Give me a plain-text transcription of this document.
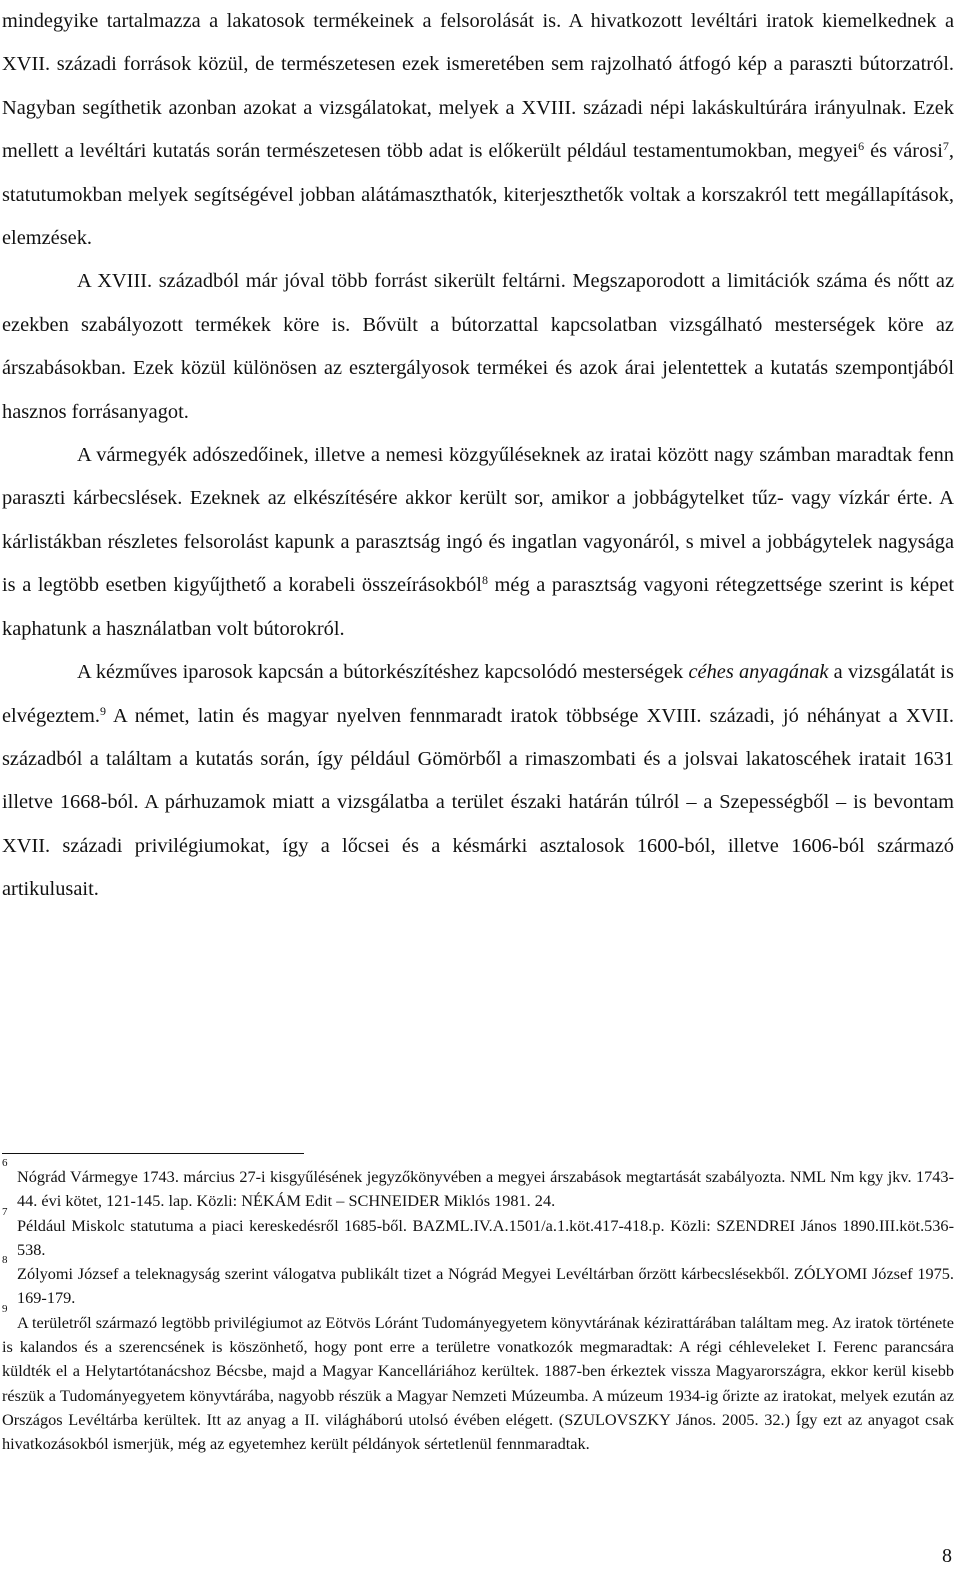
mindegyike tartalmazza a lakatosok termékeinek a felsorolását is. A hivatkozott levéltári iratok kiemelkednek a XVII. századi források közül, de természetesen ezek ismeretében sem rajzolható átfogó kép a paraszti bútorzatról. Nagyban segíthetik azonban azokat a vizsgálatokat, melyek a XVIII. századi népi lakáskultúrára irányulnak. Ezek mellett a levéltári kutatás során természetesen több adat is előkerült például testamentumokban, megyei$^6$ és városi$^7$, statutumokban melyek segítségével jobban alátámaszthatók, kiterjeszthetők voltak a korszakról tett megállapítások, elemzések.

A XVIII. századból már jóval több forrást sikerült feltárni. Megszaporodott a limitációk száma és nőtt az ezekben szabályozott termékek köre is. Bővült a bútorzattal kapcsolatban vizsgálható mesterségek köre az árszabásokban. Ezek közül különösen az esztergályosok termékei és azok árai jelentettek a kutatás szempontjából hasznos forrásanyagot.

A vármegyék adószedőinek, illetve a nemesi közgyűléseknek az iratai között nagy számban maradtak fenn paraszti kárbecslések. Ezeknek az elkészítésére akkor került sor, amikor a jobbágytelket tűz- vagy vízkár érte. A kárlistákban részletes felsorolást kapunk a parasztság ingó és ingatlan vagyonáról, s mivel a jobbágytelek nagysága is a legtöbb esetben kigyűjthető a korabeli összeírásokból$^8$ még a parasztság vagyoni rétegzettsége szerint is képet kaphatunk a használatban volt bútorokról.

A kézműves iparosok kapcsán a bútorkészítéshez kapcsolódó mesterségek céhes anyagának a vizsgálatát is elvégeztem.$^9$ A német, latin és magyar nyelven fennmaradt iratok többsége XVIII. századi, jó néhányat a XVII. századból a találtam a kutatás során, így például Gömörből a rimaszombati és a jolsvai lakatoscéhek iratait 1631 illetve 1668-ból. A párhuzamok miatt a vizsgálatba a terület északi határán túlról – a Szepességből – is bevontam XVII. századi privilégiumokat, így a lőcsei és a késmárki asztalosok 1600-ból, illetve 1606-ból származó artikulusait.

6
Nógrád Vármegye 1743. március 27-i kisgyűlésének jegyzőkönyvében a megyei árszabások megtartását szabályozta. NML Nm kgy jkv. 1743-44. évi kötet, 121-145. lap. Közli: NÉKÁM Edit – SCHNEIDER Miklós 1981. 24.

7
Például Miskolc statutuma a piaci kereskedésről 1685-ből. BAZML.IV.A.1501/a.1.köt.417-418.p. Közli: SZENDREI János 1890.III.köt.536-538.

8
Zólyomi József a teleknagyság szerint válogatva publikált tizet a Nógrád Megyei Levéltárban őrzött kárbecslésekből. ZÓLYOMI József 1975. 169-179.

9
A területről származó legtöbb privilégiumot az Eötvös Lóránt Tudományegyetem könyvtárának kézirattárában találtam meg. Az iratok története is kalandos és a szerencsének is köszönhető, hogy pont erre a területre vonatkozók megmaradtak: A régi céhleveleket I. Ferenc parancsára küldték el a Helytartótanácshoz Bécsbe, majd a Magyar Kancelláriához kerültek. 1887-ben érkeztek vissza Magyarországra, ekkor kerül kisebb részük a Tudományegyetem könyvtárába, nagyobb részük a Magyar Nemzeti Múzeumba. A múzeum 1934-ig őrizte az iratokat, melyek ezután az Országos Levéltárba kerültek. Itt az anyag a II. világháború utolsó évében elégett. (SZULOVSZKY János. 2005. 32.) Így ezt az anyagot csak hivatkozásokból ismerjük, még az egyetemhez került példányok sértetlenül fennmaradtak.

8
